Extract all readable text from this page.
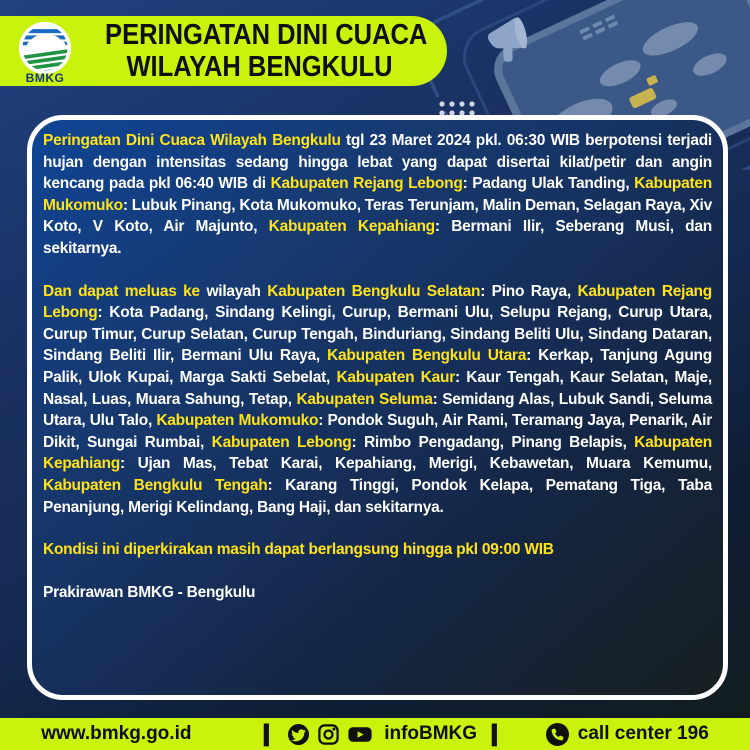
BMKG
PERINGATAN DINI CUACA
WILAYAH BENGKULU

Peringatan Dini Cuaca Wilayah Bengkulu tgl 23 Maret 2024 pkl. 06:30 WIB berpotensi terjadi hujan dengan intensitas sedang hingga lebat yang dapat disertai kilat/petir dan angin kencang pada pkl 06:40 WIB di Kabupaten Rejang Lebong: Padang Ulak Tanding, Kabupaten Mukomuko: Lubuk Pinang, Kota Mukomuko, Teras Terunjam, Malin Deman, Selagan Raya, Xiv Koto, V Koto, Air Majunto, Kabupaten Kepahiang: Bermani Ilir, Seberang Musi, dan sekitarnya.

Dan dapat meluas ke wilayah Kabupaten Bengkulu Selatan: Pino Raya, Kabupaten Rejang Lebong: Kota Padang, Sindang Kelingi, Curup, Bermani Ulu, Selupu Rejang, Curup Utara, Curup Timur, Curup Selatan, Curup Tengah, Binduriang, Sindang Beliti Ulu, Sindang Dataran, Sindang Beliti Ilir, Bermani Ulu Raya, Kabupaten Bengkulu Utara: Kerkap, Tanjung Agung Palik, Ulok Kupai, Marga Sakti Sebelat, Kabupaten Kaur: Kaur Tengah, Kaur Selatan, Maje, Nasal, Luas, Muara Sahung, Tetap, Kabupaten Seluma: Semidang Alas, Lubuk Sandi, Seluma Utara, Ulu Talo, Kabupaten Mukomuko: Pondok Suguh, Air Rami, Teramang Jaya, Penarik, Air Dikit, Sungai Rumbai, Kabupaten Lebong: Rimbo Pengadang, Pinang Belapis, Kabupaten Kepahiang: Ujan Mas, Tebat Karai, Kepahiang, Merigi, Kebawetan, Muara Kemumu, Kabupaten Bengkulu Tengah: Karang Tinggi, Pondok Kelapa, Pematang Tiga, Taba Penanjung, Merigi Kelindang, Bang Haji, dan sekitarnya.

Kondisi ini diperkirakan masih dapat berlangsung hingga pkl 09:00 WIB

Prakirawan BMKG - Bengkulu

www.bmkg.go.id	|	infoBMKG |	call center 196
